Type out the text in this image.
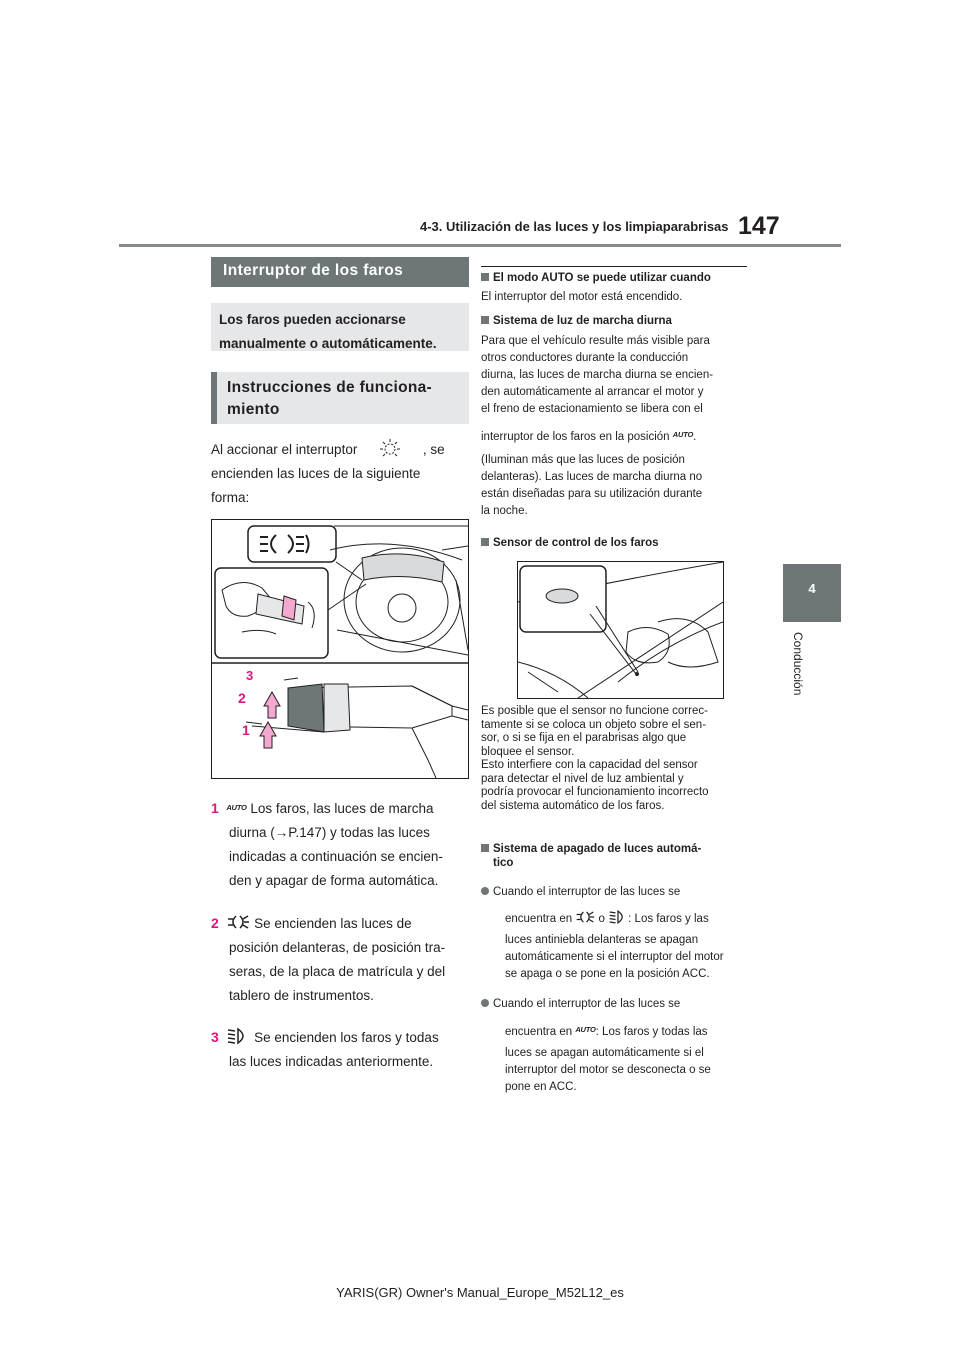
4-3. Utilización de las luces y los limpiaparabrisas 147
4
Conducción
Interruptor de los faros
Los faros pueden accionarse
manualmente o automáticamente.
Instrucciones de funciona-
miento
Al accionar el interruptor	, se
encienden las luces de la siguiente
forma:
3
2
1
1 $^{AUTO}$ Los faros, las luces de marcha
diurna (→P.147) y todas las luces
indicadas a continuación se encien-
den y apagar de forma automática.
2	Se encienden las luces de
posición delanteras, de posición tra-
seras, de la placa de matrícula y del
tablero de instrumentos.
3	Se encienden los faros y todas
las luces indicadas anteriormente.
El modo AUTO se puede utilizar cuando
El interruptor del motor está encendido.
Sistema de luz de marcha diurna
Para que el vehículo resulte más visible para
otros conductores durante la conducción
diurna, las luces de marcha diurna se encien-
den automáticamente al arrancar el motor y
el freno de estacionamiento se libera con el
interruptor de los faros en la posición $^{AUTO}$.
(Iluminan más que las luces de posición
delanteras). Las luces de marcha diurna no
están diseñadas para su utilización durante
la noche.
Sensor de control de los faros
Es posible que el sensor no funcione correc-
tamente si se coloca un objeto sobre el sen-
sor, o si se fija en el parabrisas algo que
bloquee el sensor.
Esto interfiere con la capacidad del sensor
para detectar el nivel de luz ambiental y
podría provocar el funcionamiento incorrecto
del sistema automático de los faros.
Sistema de apagado de luces automá-
tico
Cuando el interruptor de las luces se
encuentra en o : Los faros y las
luces antiniebla delanteras se apagan
automáticamente si el interruptor del motor
se apaga o se pone en la posición ACC.
Cuando el interruptor de las luces se
encuentra en $^{AUTO}$: Los faros y todas las
luces se apagan automáticamente si el
interruptor del motor se desconecta o se
pone en ACC.
YARIS(GR) Owner's Manual_Europe_M52L12_es
